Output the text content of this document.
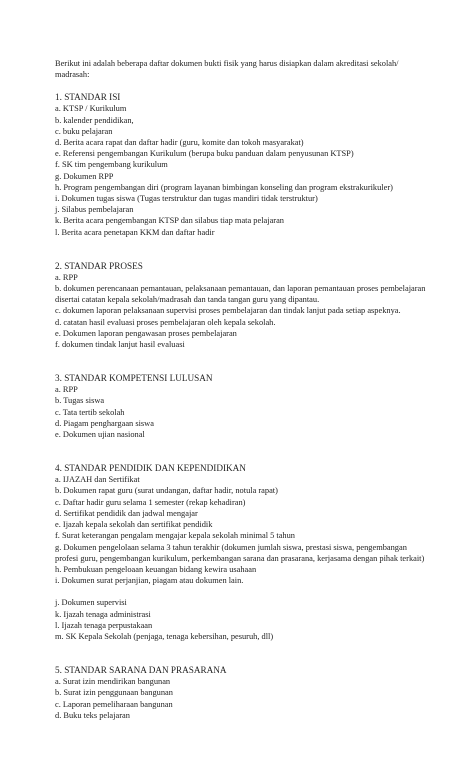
Berikut ini adalah beberapa daftar dokumen bukti fisik yang harus disiapkan dalam akreditasi sekolah/ madrasah:

1. STANDAR ISI

a. KTSP / Kurikulum

b. kalender pendidikan,

c. buku pelajaran

d. Berita acara rapat dan daftar hadir (guru, komite dan tokoh masyarakat)

e. Referensi pengembangan Kurikulum (berupa buku panduan dalam penyusunan KTSP)

f. SK tim pengembang kurikulum

g. Dokumen RPP

h. Program pengembangan diri (program layanan bimbingan konseling dan program ekstrakurikuler)

i. Dokumen tugas siswa (Tugas terstruktur dan tugas mandiri tidak terstruktur)

j. Silabus pembelajaran

k. Berita acara pengembangan KTSP dan silabus tiap mata pelajaran

l. Berita acara penetapan KKM dan daftar hadir

2. STANDAR PROSES

a. RPP

b. dokumen perencanaan pemantauan, pelaksanaan pemantauan, dan laporan pemantauan proses pembelajaran disertai catatan kepala sekolah/madrasah dan tanda tangan guru yang dipantau.

c. dokumen laporan pelaksanaan supervisi proses pembelajaran dan tindak lanjut pada setiap aspeknya.

d. catatan hasil evaluasi proses pembelajaran oleh kepala sekolah.

e. Dokumen laporan pengawasan proses pembelajaran

f. dokumen tindak lanjut hasil evaluasi

3. STANDAR KOMPETENSI LULUSAN

a. RPP

b. Tugas siswa

c. Tata tertib sekolah

d. Piagam penghargaan siswa

e. Dokumen ujian nasional

4. STANDAR PENDIDIK DAN KEPENDIDIKAN

a. IJAZAH dan Sertifikat

b. Dokumen rapat guru (surat undangan, daftar hadir, notula rapat)

c. Daftar hadir guru selama 1 semester (rekap kehadiran)

d. Sertifikat pendidik dan jadwal mengajar

e. Ijazah kepala sekolah dan sertifikat pendidik

f. Surat keterangan pengalam mengajar kepala sekolah minimal 5 tahun

g. Dokumen pengelolaan selama 3 tahun terakhir (dokumen jumlah siswa, prestasi siswa, pengembangan profesi guru, pengembangan kurikulum, perkembangan sarana dan prasarana, kerjasama dengan pihak terkait)

h. Pembukuan pengeloaan keuangan bidang kewira usahaan

i. Dokumen surat perjanjian, piagam atau dokumen lain.

j. Dokumen supervisi

k. Ijazah tenaga administrasi

l. Ijazah tenaga perpustakaan

m. SK Kepala Sekolah (penjaga, tenaga kebersihan, pesuruh, dll)

5. STANDAR SARANA DAN PRASARANA

a. Surat izin mendirikan bangunan

b. Surat izin penggunaan bangunan

c. Laporan pemeliharaan bangunan

d. Buku teks pelajaran
